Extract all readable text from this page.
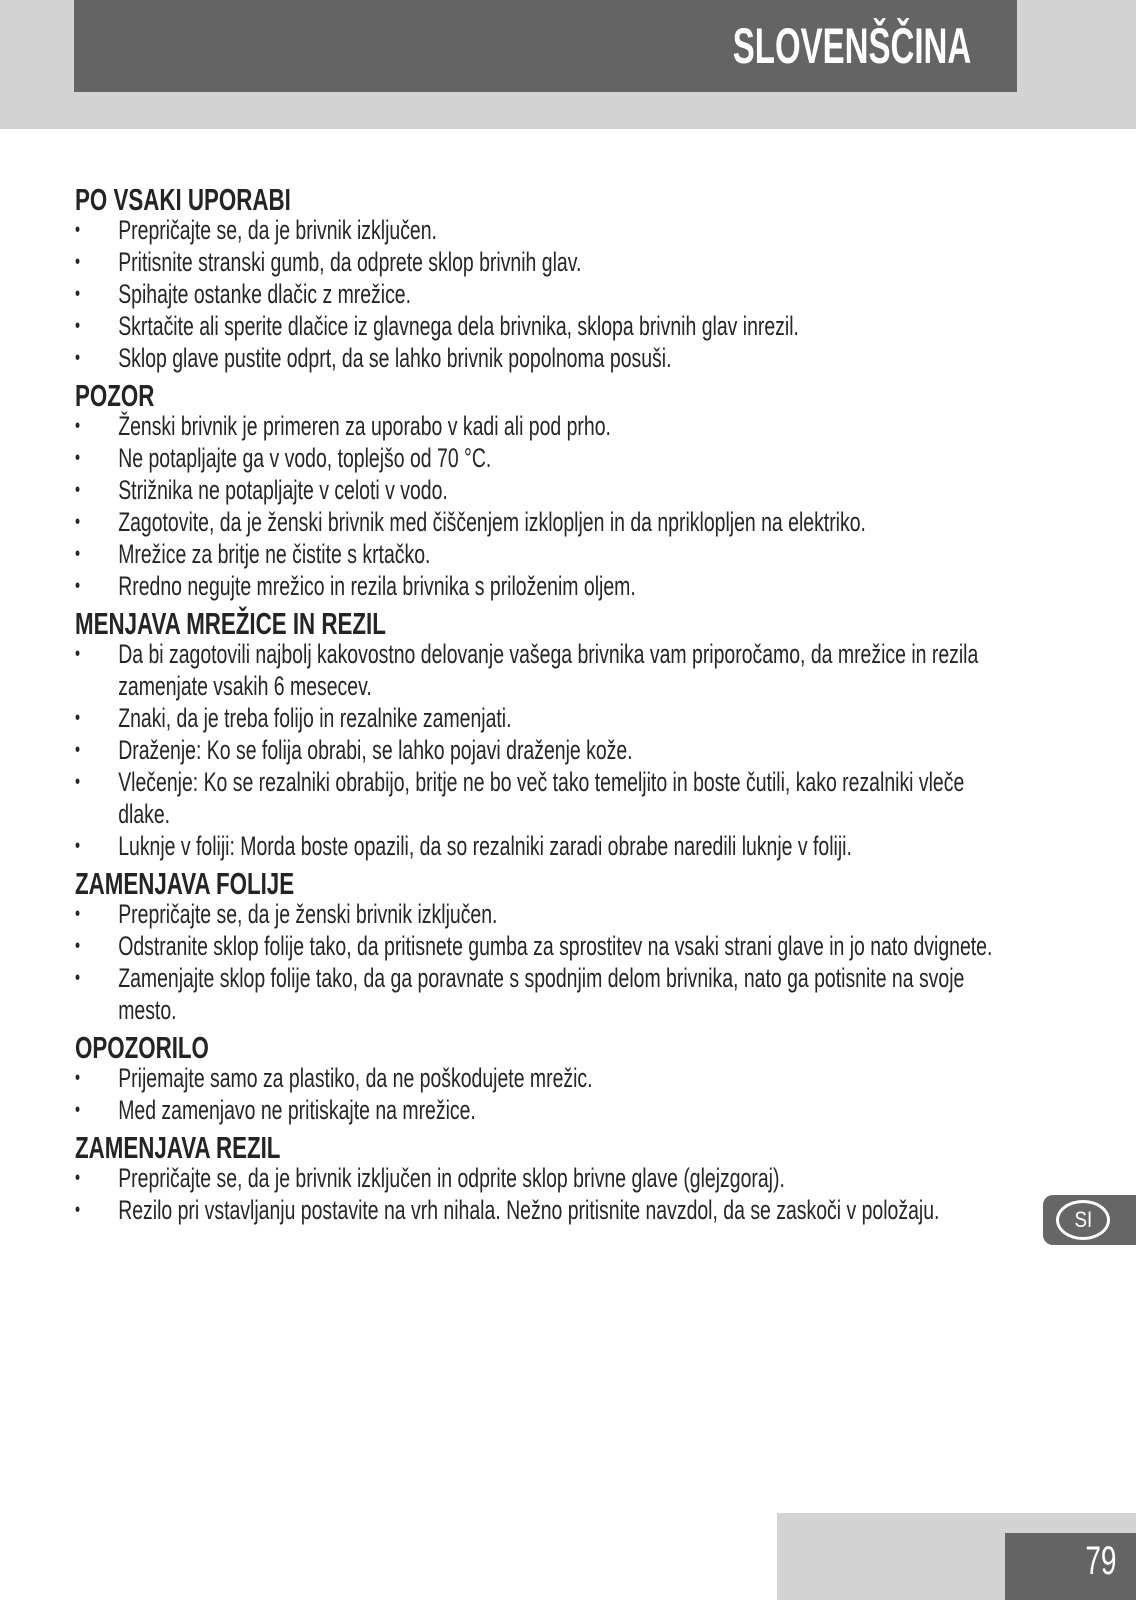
SLOVENŠČINA
PO VSAKI UPORABI
•	Prepričajte se, da je brivnik izključen.
•	Pritisnite stranski gumb, da odprete sklop brivnih glav.
•	Spihajte ostanke dlačic z mrežice.
•	Skrtačite ali sperite dlačice iz glavnega dela brivnika, sklopa brivnih glav inrezil.
•	Sklop glave pustite odprt, da se lahko brivnik popolnoma posuši.
POZOR
•	Ženski brivnik je primeren za uporabo v kadi ali pod prho.
•	Ne potapljajte ga v vodo, toplejšo od 70 °C.
•	Strižnika ne potapljajte v celoti v vodo.
•	Zagotovite, da je ženski brivnik med čiščenjem izklopljen in da npriklopljen na elektriko.
•	Mrežice za britje ne čistite s krtačko.
•	Rredno negujte mrežico in rezila brivnika s priloženim oljem.
MENJAVA MREŽICE IN REZIL
•	Da bi zagotovili najbolj kakovostno delovanje vašega brivnika vam priporočamo, da mrežice in rezila zamenjate vsakih 6 mesecev.
•	Znaki, da je treba folijo in rezalnike zamenjati.
•	Draženje: Ko se folija obrabi, se lahko pojavi draženje kože.
•	Vlečenje: Ko se rezalniki obrabijo, britje ne bo več tako temeljito in boste čutili, kako rezalniki vleče dlake.
•	Luknje v foliji: Morda boste opazili, da so rezalniki zaradi obrabe naredili luknje v foliji.
ZAMENJAVA FOLIJE
•	Prepričajte se, da je ženski brivnik izključen.
•	Odstranite sklop folije tako, da pritisnete gumba za sprostitev na vsaki strani glave in jo nato dvignete.
•	Zamenjajte sklop folije tako, da ga poravnate s spodnjim delom brivnika, nato ga potisnite na svoje mesto.
OPOZORILO
•	Prijemajte samo za plastiko, da ne poškodujete mrežic.
•	Med zamenjavo ne pritiskajte na mrežice.
ZAMENJAVA REZIL
•	Prepričajte se, da je brivnik izključen in odprite sklop brivne glave (glejzgoraj).
•	Rezilo pri vstavljanju postavite na vrh nihala. Nežno pritisnite navzdol, da se zaskoči v položaju.	SI
79
